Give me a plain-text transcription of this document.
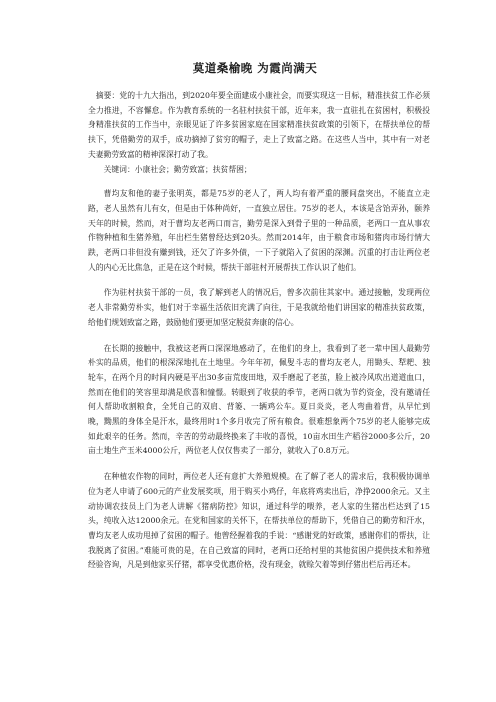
莫道桑榆晚 为霞尚满天

摘要：党的十九大指出，到2020年要全面建成小康社会，而要实现这一目标，精准扶贫工作必须全力推进，不容懈怠。作为教育系统的一名驻村扶贫干部，近年来，我一直驻扎在贫困村，积极投身精准扶贫的工作当中，亲眼见证了许多贫困家庭在国家精准扶贫政策的引领下，在帮扶单位的帮扶下，凭借勤劳的双手，成功摘掉了贫穷的帽子，走上了致富之路。在这些人当中，其中有一对老夫妻勤劳致富的精神深深打动了我。

关键词：小康社会；勤劳致富；扶贫帮困；

曹均友和他的妻子张明英，都是75岁的老人了，两人均有着严重的腰间盘突出，不能直立走路，老人虽然有儿有女，但是由于体种尚好，一直独立居住。75岁的老人，本该是含饴弄孙，颐养天年的时候，然而，对于曹均友老两口而言，勤劳是深入到骨子里的一种品质，老两口一直从事农作物种植和生猪养殖，年出栏生猪曾经达到20头。然而2014年，由于粮食市场和猪肉市场行情大跌，老两口非但没有赚到钱，还欠了许多外债，一下子就陷入了贫困的深渊。沉重的打击让两位老人的内心无比焦急，正是在这个时候，帮扶干部驻村开展帮扶工作认识了他们。

作为驻村扶贫干部的一员，我了解到老人的情况后，曾多次前往其家中。通过接触，发现两位老人非常勤劳朴实，他们对于幸福生活依旧充满了向往，于是我就给他们讲国家的精准扶贫政策，给他们规划致富之路，鼓励他们要更加坚定脱贫奔康的信心。

在长期的接触中，我被这老两口深深地感动了，在他们的身上，我看到了老一辈中国人最勤劳朴实的品质，他们的根深深地扎在土地里。今年年初，佩叟斗志的曹均友老人，用锄头、犁耙、独轮车，在两个月的时间内硬是平出30多亩荒废田地，双手磨起了老茧，脸上被冷风吹出道道血口，然而在他们的笑容里却满是欣喜和憧憬。转眼到了收获的季节，老两口就为节约资金，没有邀请任何人帮助收割粮食，全凭自己的双肩、背篓、一辆鸡公车。夏日炎炎，老人弯曲着背，从早忙到晚，黝黑的身体全是汗水，最终用时1个多月收完了所有粮食。很难想象两个75岁的老人能够完成如此艰辛的任务。然而，辛苦的劳动最终换来了丰收的喜悦，10亩水田生产稻谷2000多公斤，20亩土地生产玉米4000公斤，两位老人仅仅售卖了一部分，就收入了0.8万元。

在种植农作物的同时，两位老人还有意扩大养殖规模。在了解了老人的需求后，我积极协调单位为老人申请了600元的产业发展奖项，用于购买小鸡仔，年底将鸡卖出后，净挣2000余元。又主动协调农技员上门为老人讲解《猪病防控》知识，通过科学的喂养，老人家的生猪出栏达到了15头，纯收入达12000余元。在党和国家的关怀下，在帮扶单位的帮助下，凭借自己的勤劳和汗水，曹均友老人成功甩掉了贫困的帽子。他曾经握着我的手说：“感谢党的好政策，感谢你们的帮扶，让我脱离了贫困。”难能可贵的是，在自己致富的同时，老两口还给村里的其他贫困户提供技术和养殖经验咨询，凡是到他家买仔猪，都享受优惠价格，没有现金，就赊欠着等到仔猪出栏后再还本。
